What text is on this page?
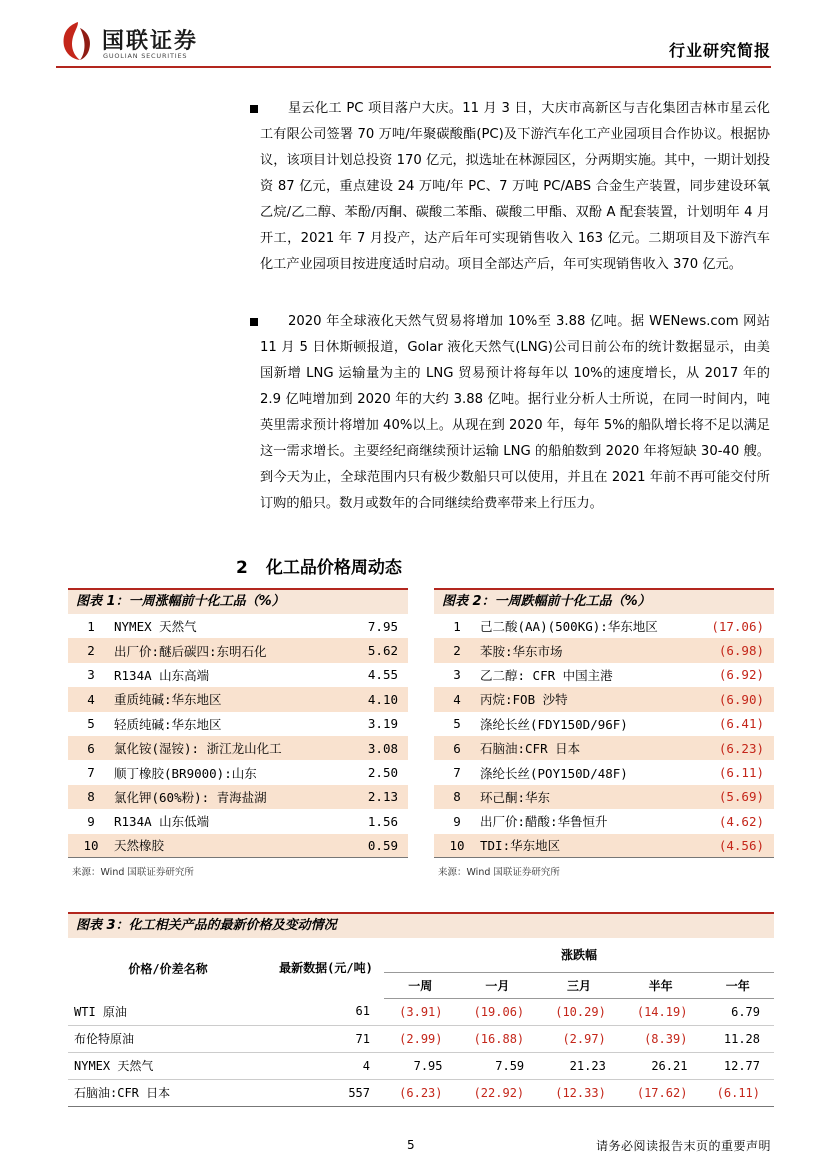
国联证券
GUOLIAN SECURITIES	行业研究简报

星云化工 PC 项目落户大庆。11 月 3 日，大庆市高新区与吉化集团吉林市星云化工有限公司签署 70 万吨/年聚碳酸酯(PC)及下游汽车化工产业园项目合作协议。根据协议，该项目计划总投资 170 亿元，拟选址在林源园区，分两期实施。其中，一期计划投资 87 亿元，重点建设 24 万吨/年 PC、7 万吨 PC/ABS 合金生产装置，同步建设环氧乙烷/乙二醇、苯酚/丙酮、碳酸二苯酯、碳酸二甲酯、双酚 A 配套装置，计划明年 4 月开工，2021 年 7 月投产，达产后年可实现销售收入 163 亿元。二期项目及下游汽车化工产业园项目按进度适时启动。项目全部达产后，年可实现销售收入 370 亿元。

2020 年全球液化天然气贸易将增加 10%至 3.88 亿吨。据 WENews.com 网站 11 月 5 日休斯顿报道，Golar 液化天然气(LNG)公司日前公布的统计数据显示，由美国新增 LNG 运输量为主的 LNG 贸易预计将每年以 10%的速度增长，从 2017 年的 2.9 亿吨增加到 2020 年的大约 3.88 亿吨。据行业分析人士所说，在同一时间内，吨英里需求预计将增加 40%以上。从现在到 2020 年，每年 5%的船队增长将不足以满足这一需求增长。主要经纪商继续预计运输 LNG 的船舶数到 2020 年将短缺 30-40 艘。到今天为止，全球范围内只有极少数船只可以使用，并且在 2021 年前不再可能交付所订购的船只。数月或数年的合同继续给费率带来上行压力。

2 化工品价格周动态
图表 1：一周涨幅前十化工品（%）
1	NYMEX 天然气	7.95
2	出厂价:醚后碳四:东明石化	5.62
3	R134A 山东高端	4.55
4	重质纯碱:华东地区	4.10
5	轻质纯碱:华东地区	3.19
6	氯化铵(湿铵): 浙江龙山化工	3.08
7	顺丁橡胶(BR9000):山东	2.50
8	氯化钾(60%粉): 青海盐湖	2.13
9	R134A 山东低端	1.56
10	天然橡胶	0.59
来源：Wind 国联证券研究所
图表 2：一周跌幅前十化工品（%）
1	己二酸(AA)(500KG):华东地区	(17.06)
2	苯胺:华东市场	(6.98)
3	乙二醇: CFR 中国主港	(6.92)
4	丙烷:FOB 沙特	(6.90)
5	涤纶长丝(FDY150D/96F)	(6.41)
6	石脑油:CFR 日本	(6.23)
7	涤纶长丝(POY150D/48F)	(6.11)
8	环己酮:华东	(5.69)
9	出厂价:醋酸:华鲁恒升	(4.62)
10	TDI:华东地区	(4.56)
来源：Wind 国联证券研究所
图表 3：化工相关产品的最新价格及变动情况
价格/价差名称	最新数据(元/吨)	涨跌幅				
		一周	一月	三月	半年	一年
WTI 原油	61	(3.91)	(19.06)	(10.29)	(14.19)	6.79
布伦特原油	71	(2.99)	(16.88)	(2.97)	(8.39)	11.28
NYMEX 天然气	4	7.95	7.59	21.23	26.21	12.77
石脑油:CFR 日本	557	(6.23)	(22.92)	(12.33)	(17.62)	(6.11)
5	请务必阅读报告末页的重要声明
